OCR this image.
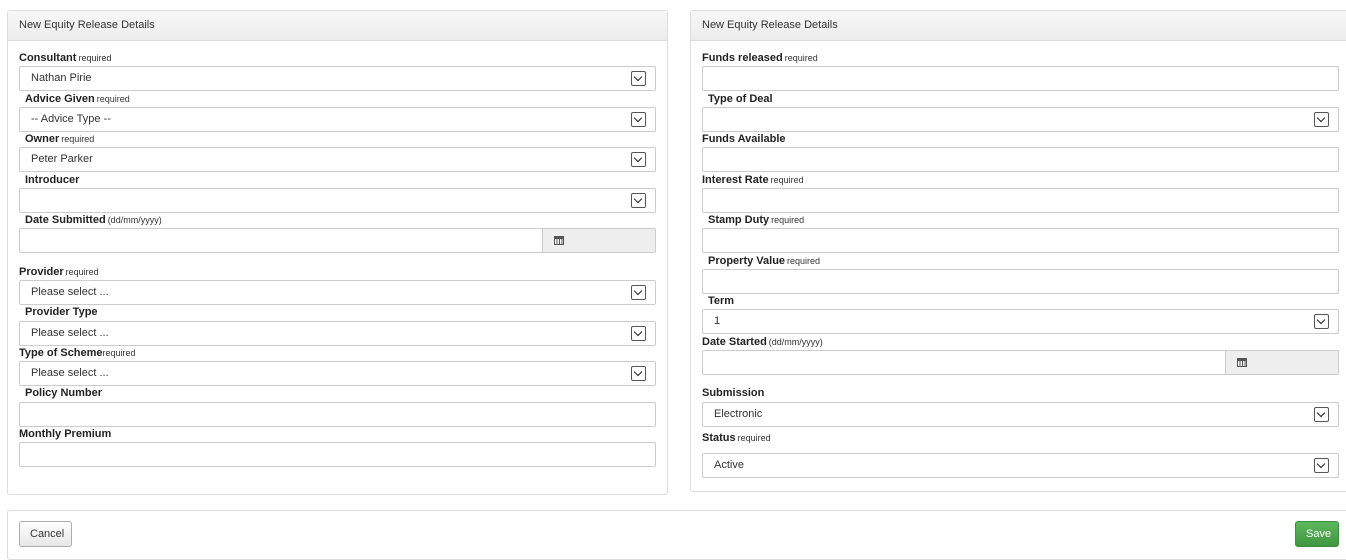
New Equity Release Details
Consultant required
Nathan Pirie
Advice Given required
-- Advice Type --
Owner required
Peter Parker
Introducer
Date Submitted (dd/mm/yyyy)
Provider required
Please select ...
Provider Type
Please select ...
Type of Schemerequired
Please select ...
Policy Number
Monthly Premium
New Equity Release Details
Funds released required
Type of Deal
Funds Available
Interest Rate required
Stamp Duty required
Property Value required
Term
1
Date Started (dd/mm/yyyy)
Submission
Electronic
Status required
Active
Cancel	Save
